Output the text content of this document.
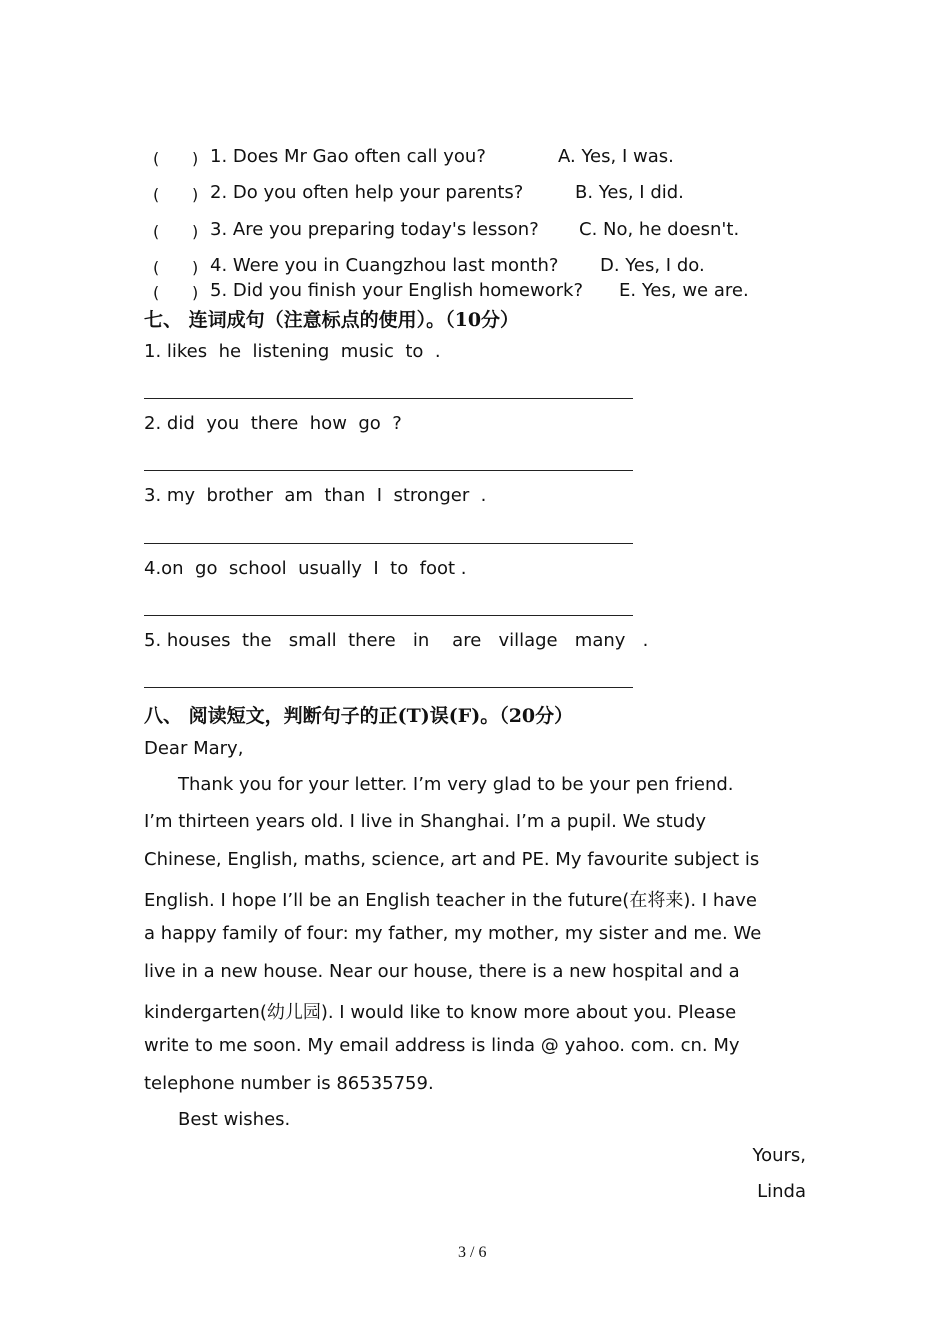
( ) 1. Does Mr Gao often call you?	A. Yes, I was.
( ) 2. Do you often help your parents?	B. Yes, I did.
( ) 3. Are you preparing today's lesson? C. No, he doesn't.
( ) 4. Were you in Cuangzhou last month? D. Yes, I do.
( ) 5. Did you finish your English homework? E. Yes, we are.
七、 连词成句（注意标点的使用）。（10分）
1. likes  he  listening  music  to  .
2. did  you  there  how  go  ?
3. my  brother  am  than  I  stronger  .
4.on  go  school  usually  I  to  foot .
5. houses  the   small  there   in    are   village   many   .
八、 阅读短文，判断句子的正(T)误(F)。（20分）
Dear Mary,
Thank you for your letter. I’m very glad to be your pen friend.
I’m thirteen years old. I live in Shanghai. I’m a pupil. We study
Chinese, English, maths, science, art and PE. My favourite subject is
English. I hope I’ll be an English teacher in the future(在将来). I have
a happy family of four: my father, my mother, my sister and me. We
live in a new house. Near our house, there is a new hospital and a
kindergarten(幼儿园). I would like to know more about you. Please
write to me soon. My email address is linda @ yahoo. com. cn. My
telephone number is 86535759.
Best wishes.
Yours,
Linda
3 / 6
